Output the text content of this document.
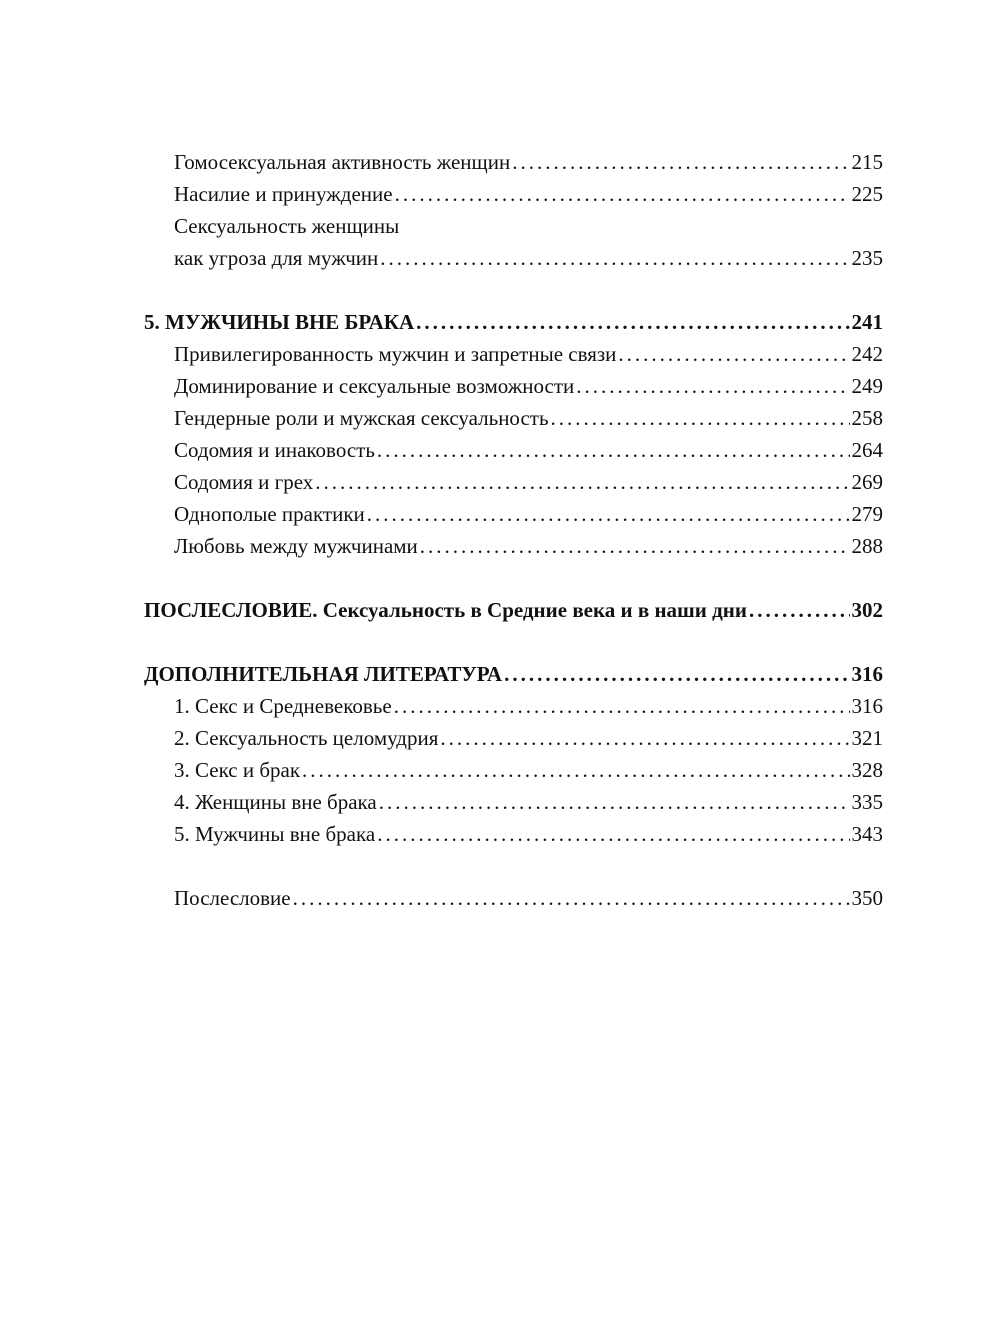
Гомосексуальная активность женщин .....	215
Насилие и принуждение .....	225
Сексуальность женщины
как угроза для мужчин .....	235
5. МУЖЧИНЫ ВНЕ БРАКА .....	241
Привилегированность мужчин и запретные связи .....	242
Доминирование и сексуальные возможности .....	249
Гендерные роли и мужская сексуальность .....	258
Содомия и инаковость .....	264
Содомия и грех .....	269
Однополые практики .....	279
Любовь между мужчинами .....	288
ПОСЛЕСЛОВИЕ. Сексуальность в Средние века и в наши дни .....	302
ДОПОЛНИТЕЛЬНАЯ ЛИТЕРАТУРА .....	316
1. Секс и Средневековье .....	316
2. Сексуальность целомудрия .....	321
3. Секс и брак .....	328
4. Женщины вне брака .....	335
5. Мужчины вне брака .....	343
Послесловие .....	350
